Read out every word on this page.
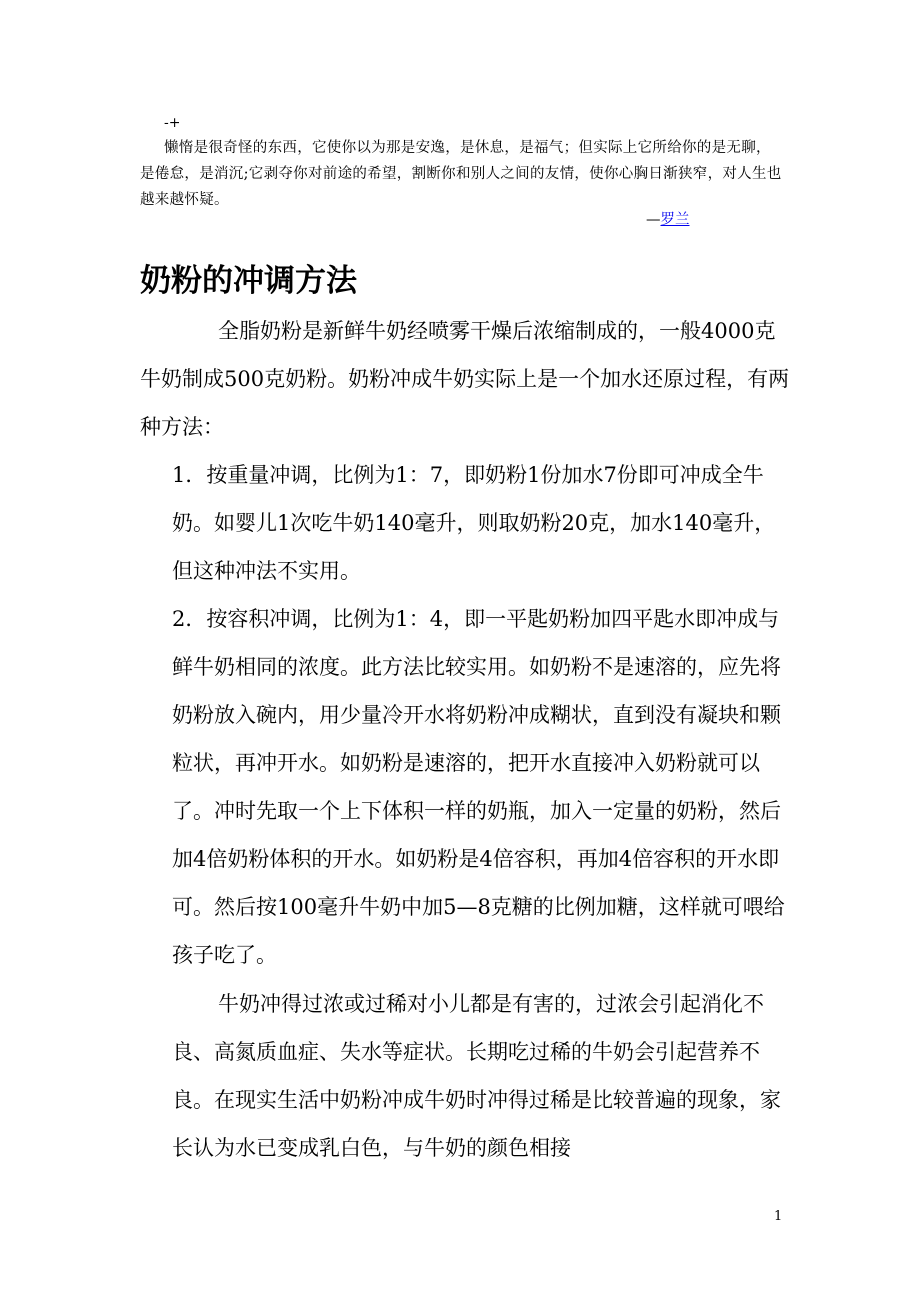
-+
懒惰是很奇怪的东西，它使你以为那是安逸，是休息，是福气；但实际上它所给你的是无聊，是倦怠，是消沉;它剥夺你对前途的希望，割断你和别人之间的友情，使你心胸日渐狭窄，对人生也越来越怀疑。
—罗兰
奶粉的冲调方法

全脂奶粉是新鲜牛奶经喷雾干燥后浓缩制成的，一般4000克牛奶制成500克奶粉。奶粉冲成牛奶实际上是一个加水还原过程，有两种方法：

1．按重量冲调，比例为1：7，即奶粉1份加水7份即可冲成全牛奶。如婴儿1次吃牛奶140毫升，则取奶粉20克，加水140毫升，但这种冲法不实用。

2．按容积冲调，比例为1：4，即一平匙奶粉加四平匙水即冲成与鲜牛奶相同的浓度。此方法比较实用。如奶粉不是速溶的，应先将奶粉放入碗内，用少量冷开水将奶粉冲成糊状，直到没有凝块和颗粒状，再冲开水。如奶粉是速溶的，把开水直接冲入奶粉就可以了。冲时先取一个上下体积一样的奶瓶，加入一定量的奶粉，然后加4倍奶粉体积的开水。如奶粉是4倍容积，再加4倍容积的开水即可。然后按100毫升牛奶中加5—8克糖的比例加糖，这样就可喂给孩子吃了。

牛奶冲得过浓或过稀对小儿都是有害的，过浓会引起消化不良、高氮质血症、失水等症状。长期吃过稀的牛奶会引起营养不良。在现实生活中奶粉冲成牛奶时冲得过稀是比较普遍的现象，家长认为水已变成乳白色，与牛奶的颜色相接

1
